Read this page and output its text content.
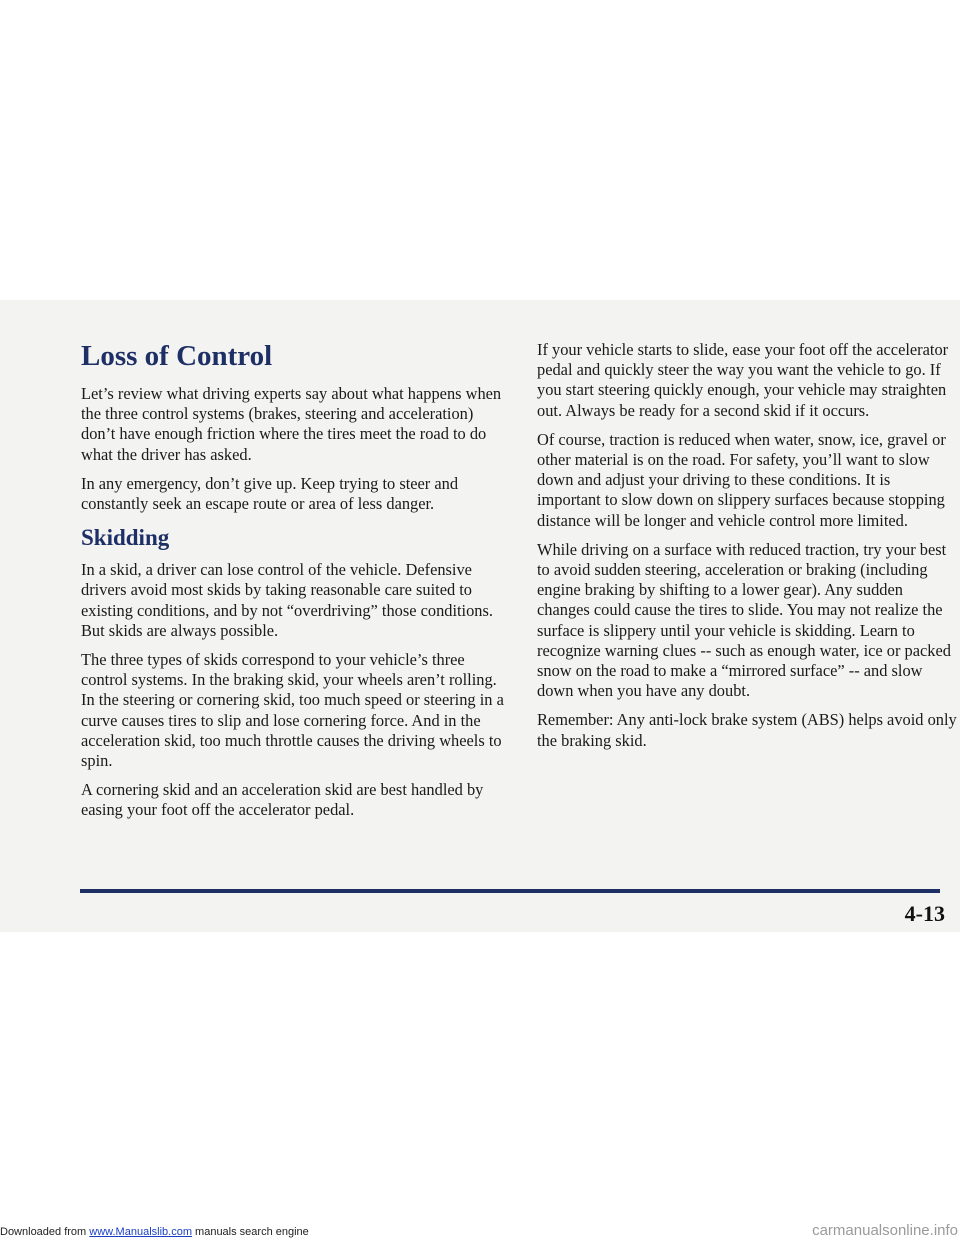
Loss of Control

Let’s review what driving experts say about what happens when the three control systems (brakes, steering and acceleration) don’t have enough friction where the tires meet the road to do what the driver has asked.

In any emergency, don’t give up. Keep trying to steer and constantly seek an escape route or area of less danger.

Skidding

In a skid, a driver can lose control of the vehicle. Defensive drivers avoid most skids by taking reasonable care suited to existing conditions, and by not “overdriving” those conditions. But skids are always possible.

The three types of skids correspond to your vehicle’s three control systems. In the braking skid, your wheels aren’t rolling. In the steering or cornering skid, too much speed or steering in a curve causes tires to slip and lose cornering force. And in the acceleration skid, too much throttle causes the driving wheels to spin.

A cornering skid and an acceleration skid are best handled by easing your foot off the accelerator pedal.

If your vehicle starts to slide, ease your foot off the accelerator pedal and quickly steer the way you want the vehicle to go. If you start steering quickly enough, your vehicle may straighten out. Always be ready for a second skid if it occurs.

Of course, traction is reduced when water, snow, ice, gravel or other material is on the road. For safety, you’ll want to slow down and adjust your driving to these conditions. It is important to slow down on slippery surfaces because stopping distance will be longer and vehicle control more limited.

While driving on a surface with reduced traction, try your best to avoid sudden steering, acceleration or braking (including engine braking by shifting to a lower gear). Any sudden changes could cause the tires to slide. You may not realize the surface is slippery until your vehicle is skidding. Learn to recognize warning clues -- such as enough water, ice or packed snow on the road to make a “mirrored surface” -- and slow down when you have any doubt.

Remember: Any anti-lock brake system (ABS) helps avoid only the braking skid.

4-13
Downloaded from www.Manualslib.com manuals search engine	carmanualsonline.info
